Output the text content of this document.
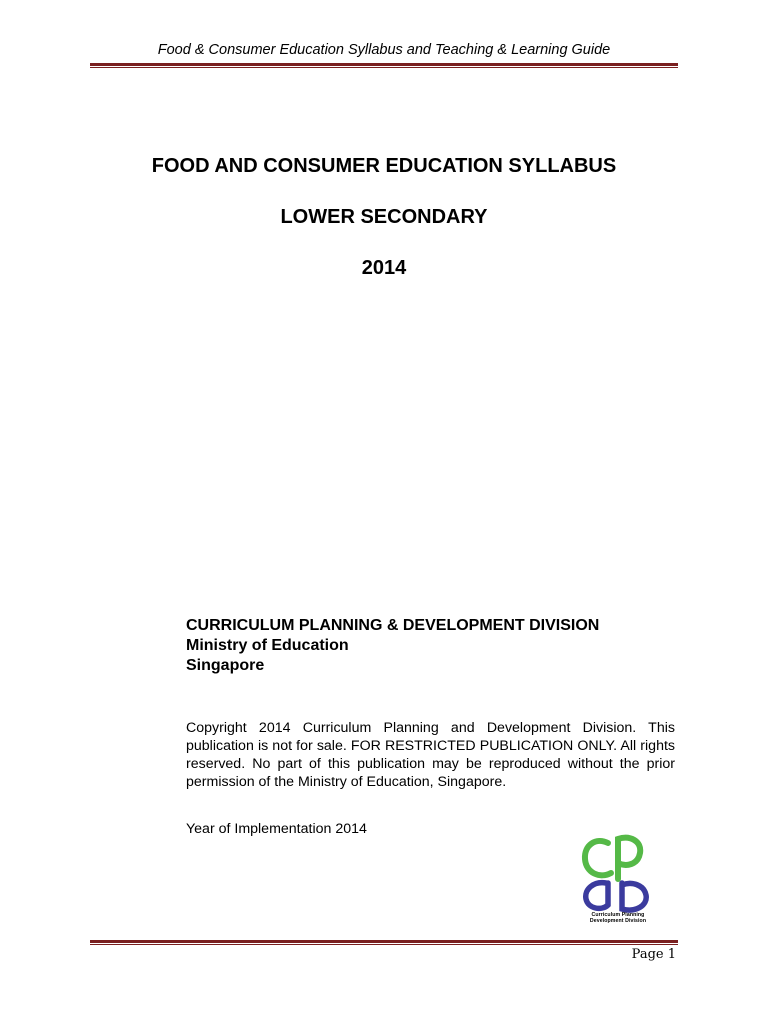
Food & Consumer Education Syllabus and Teaching & Learning Guide
FOOD AND CONSUMER EDUCATION SYLLABUS
LOWER SECONDARY
2014
CURRICULUM PLANNING & DEVELOPMENT DIVISION
Ministry of Education
Singapore

Copyright 2014 Curriculum Planning and Development Division. This publication is not for sale. FOR RESTRICTED PUBLICATION ONLY. All rights reserved. No part of this publication may be reproduced without the prior permission of the Ministry of Education, Singapore.

Year of Implementation 2014
Curriculum Planning
Development Division
Page 1
